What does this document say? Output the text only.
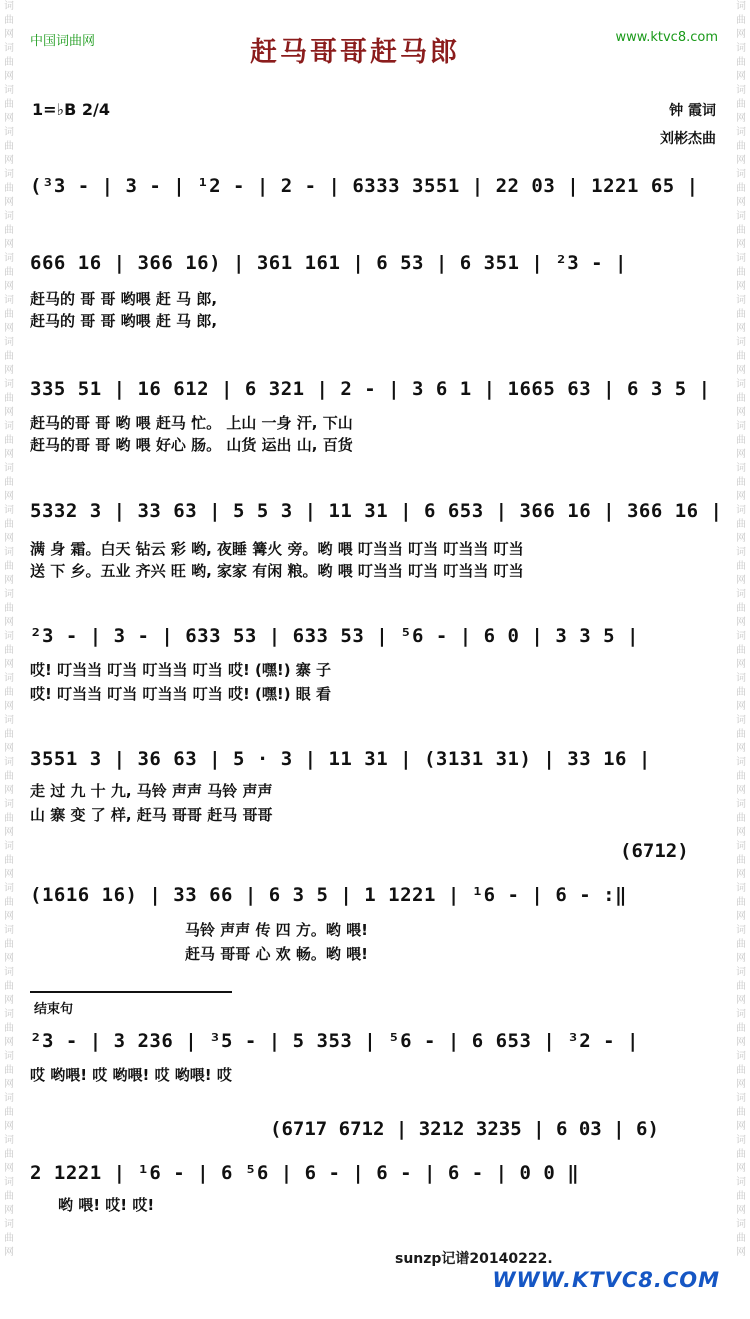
词曲网词曲网词曲网词曲网词曲网词曲网词曲网词曲网词曲网词曲网词曲网词曲网词曲网词曲网词曲网词曲网词曲网词曲网词曲网词曲网词曲网词曲网词曲网词曲网词曲网词曲网词曲网词曲网词曲网词曲网
词曲网词曲网词曲网词曲网词曲网词曲网词曲网词曲网词曲网词曲网词曲网词曲网词曲网词曲网词曲网词曲网词曲网词曲网词曲网词曲网词曲网词曲网词曲网词曲网词曲网词曲网词曲网词曲网词曲网词曲网
中国词曲网	赶马哥哥赶马郎	www.ktvc8.com
1=♭B 2/4	钟 霞词
刘彬杰曲
(³3 - | 3 - | ¹2 - | 2 - | 6333 3551 | 22 03 | 1221 65 |
666 16 | 366 16) | 361 161 | 6 53 | 6 351 | ²3 - |
赶马的 哥 哥 哟喂 赶 马 郎,
赶马的 哥 哥 哟喂 赶 马 郎,
335 51 | 16 612 | 6 321 | 2 - | 3 6 1 | 1665 63 | 6 3 5 |
赶马的哥 哥 哟 喂 赶马 忙。 上山 一身 汗, 下山
赶马的哥 哥 哟 喂 好心 肠。 山货 运出 山, 百货
5332 3 | 33 63 | 5 5 3 | 11 31 | 6 653 | 366 16 | 366 16 |
满 身 霜。白天 钻云 彩 哟, 夜睡 篝火 旁。哟 喂 叮当当 叮当 叮当当 叮当
送 下 乡。五业 齐兴 旺 哟, 家家 有闲 粮。哟 喂 叮当当 叮当 叮当当 叮当
²3 - | 3 - | 633 53 | 633 53 | ⁵6 - | 6 0 | 3 3 5 |
哎! 叮当当 叮当 叮当当 叮当 哎! (嘿!) 寨 子
哎! 叮当当 叮当 叮当当 叮当 哎! (嘿!) 眼 看
3551 3 | 36 63 | 5 · 3 | 11 31 | (3131 31) | 33 16 |
走 过 九 十 九, 马铃 声声 马铃 声声
山 寨 变 了 样, 赶马 哥哥 赶马 哥哥
(6712)
(1616 16) | 33 66 | 6 3 5 | 1 1221 | ¹6 - | 6 - :‖
马铃 声声 传 四 方。哟 喂!
赶马 哥哥 心 欢 畅。哟 喂!
结束句
²3 - | 3 236 | ³5 - | 5 353 | ⁵6 - | 6 653 | ³2 - |
哎 哟喂! 哎 哟喂! 哎 哟喂! 哎
(6717 6712 | 3212 3235 | 6 03 | 6)
2 1221 | ¹6 - | 6 ⁵6 | 6 - | 6 - | 6 - | 0 0 ‖
哟 喂! 哎! 哎!
sunzp记谱20140222.
WWW.KTVC8.COM
